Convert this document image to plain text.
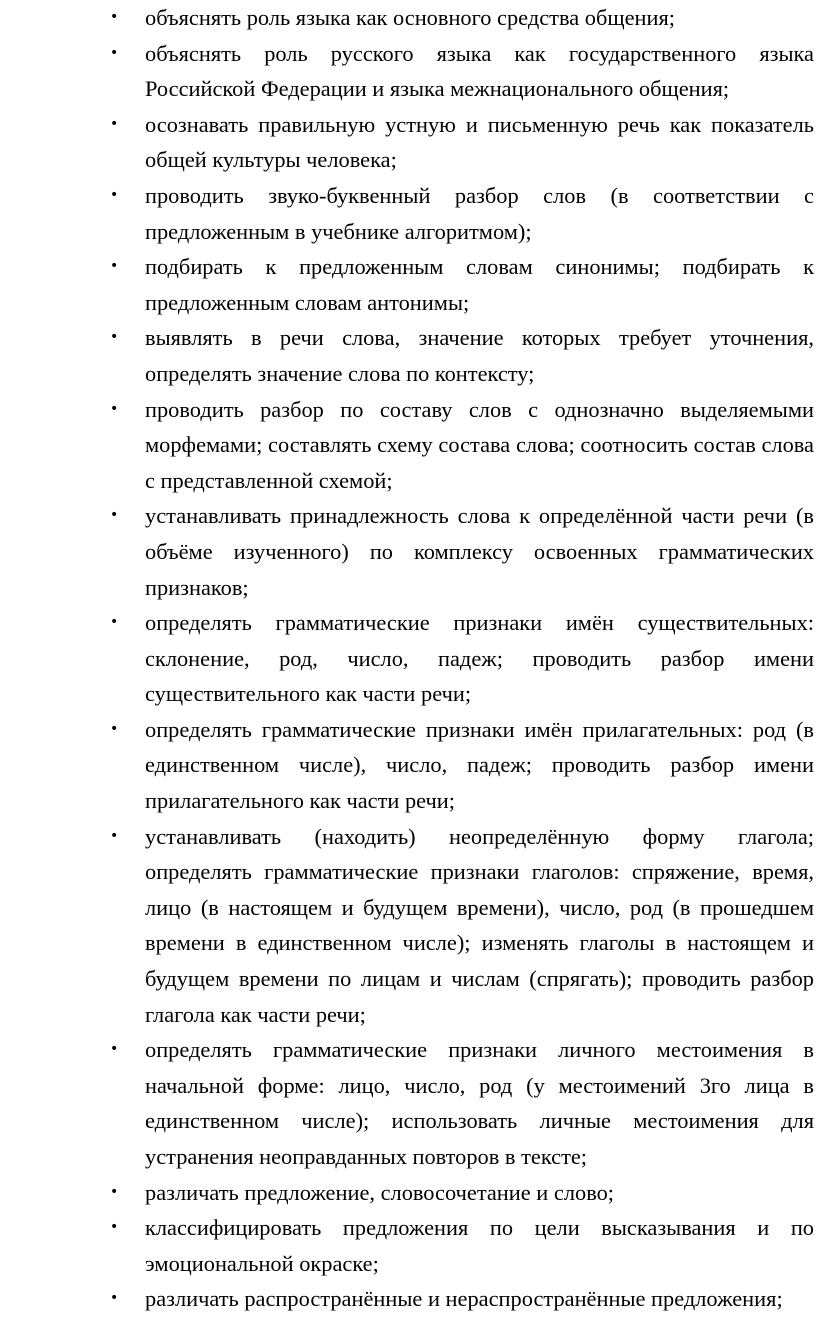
• объяснять роль языка как основного средства общения;
• объяснять роль русского языка как государственного языка Российской Федерации и языка межнационального общения;
• осознавать правильную устную и письменную речь как показатель общей культуры человека;
• проводить звуко-буквенный разбор слов (в соответствии с предложенным в учебнике алгоритмом);
• подбирать к предложенным словам синонимы; подбирать к предложенным словам антонимы;
• выявлять в речи слова, значение которых требует уточнения, определять значение слова по контексту;
• проводить разбор по составу слов с однозначно выделяемыми морфемами; составлять схему состава слова; соотносить состав слова с представленной схемой;
• устанавливать принадлежность слова к определённой части речи (в объёме изученного) по комплексу освоенных грамматических признаков;
• определять грамматические признаки имён существительных: склонение, род, число, падеж; проводить разбор имени существительного как части речи;
• определять грамматические признаки имён прилагательных: род (в единственном числе), число, падеж; проводить разбор имени прилагательного как части речи;
• устанавливать (находить) неопределённую форму глагола; определять грамматические признаки глаголов: спряжение, время, лицо (в настоящем и будущем времени), число, род (в прошедшем времени в единственном числе); изменять глаголы в настоящем и будущем времени по лицам и числам (спрягать); проводить разбор глагола как части речи;
• определять грамматические признаки личного местоимения в начальной форме: лицо, число, род (у местоимений 3го лица в единственном числе); использовать личные местоимения для устранения неоправданных повторов в тексте;
• различать предложение, словосочетание и слово;
• классифицировать предложения по цели высказывания и по эмоциональной окраске;
• различать распространённые и нераспространённые предложения;
